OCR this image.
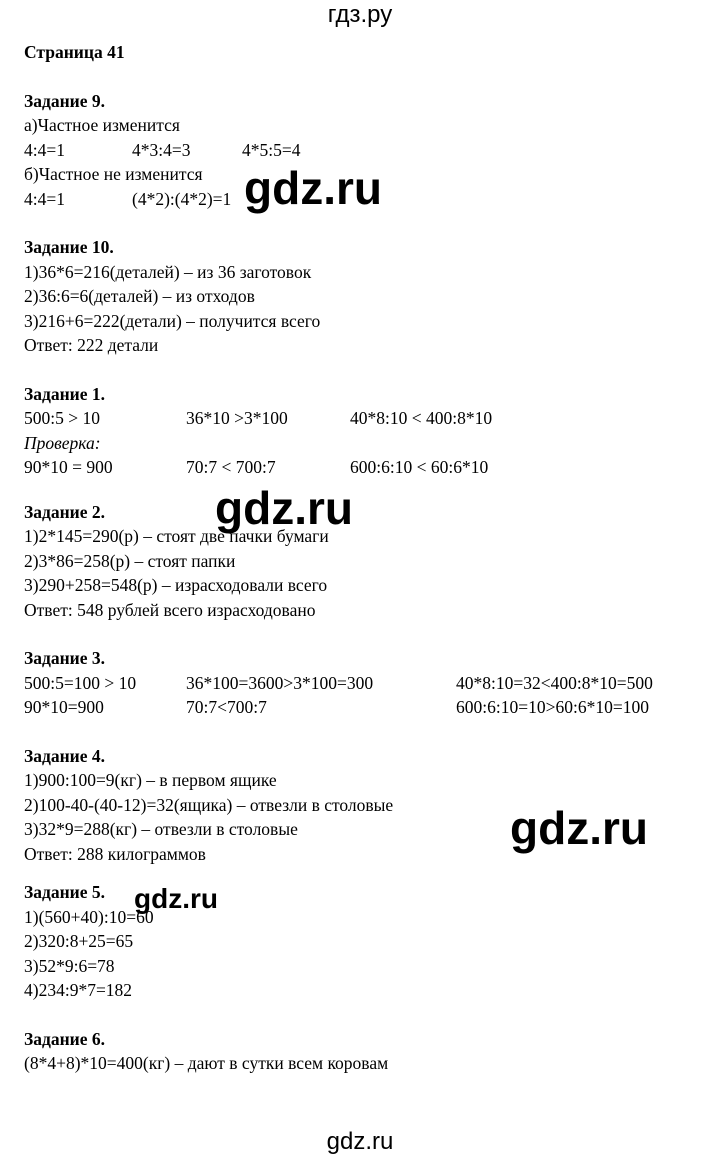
гдз.ру
Страница 41
Задание 9.
а)Частное изменится
4:4=1	4*3:4=3	4*5:5=4
б)Частное не изменится
4:4=1	(4*2):(4*2)=1
Задание 10.
1)36*6=216(деталей) – из 36 заготовок
2)36:6=6(деталей) – из отходов
3)216+6=222(детали) – получится всего
Ответ: 222 детали
Задание 1.
500:5 > 10	36*10 >3*100	40*8:10 < 400:8*10
Проверка:
90*10 = 900	70:7 < 700:7	600:6:10 < 60:6*10
Задание 2.
1)2*145=290(р) – стоят две пачки бумаги
2)3*86=258(р) – стоят папки
3)290+258=548(р) – израсходовали всего
Ответ: 548 рублей всего израсходовано
Задание 3.
500:5=100 > 10	36*100=3600>3*100=300	40*8:10=32<400:8*10=500
90*10=900	70:7<700:7	600:6:10=10>60:6*10=100
Задание 4.
1)900:100=9(кг) – в первом ящике
2)100-40-(40-12)=32(ящика) – отвезли в столовые
3)32*9=288(кг) – отвезли в столовые
Ответ: 288 килограммов
Задание 5.
1)(560+40):10=60
2)320:8+25=65
3)52*9:6=78
4)234:9*7=182
Задание 6.
(8*4+8)*10=400(кг) – дают в сутки всем коровам
gdz.ru
gdz.ru
gdz.ru
gdz.ru
gdz.ru
